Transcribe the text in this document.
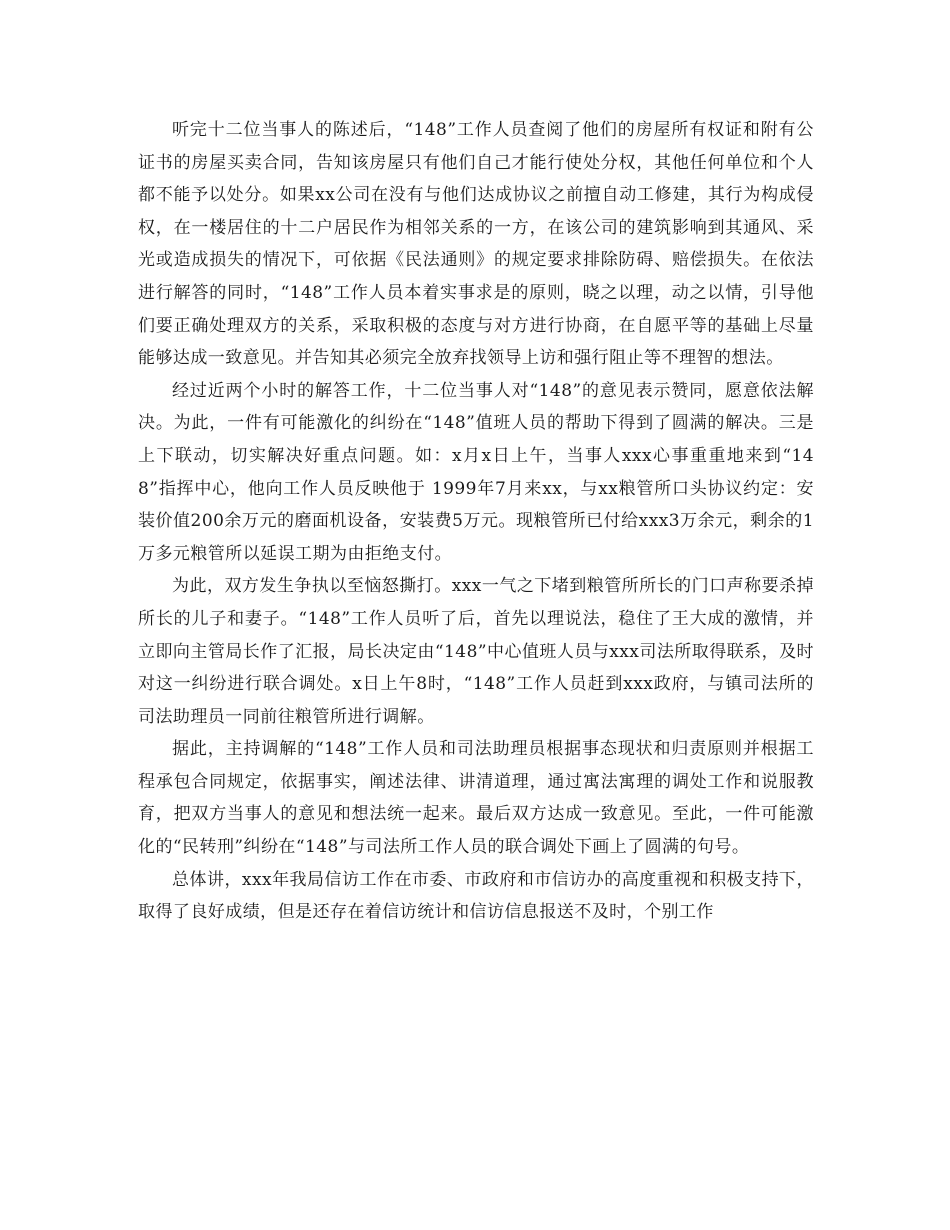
听完十二位当事人的陈述后，“148”工作人员查阅了他们的房屋所有权证和附有公证书的房屋买卖合同，告知该房屋只有他们自己才能行使处分权，其他任何单位和个人都不能予以处分。如果xx公司在没有与他们达成协议之前擅自动工修建，其行为构成侵权，在一楼居住的十二户居民作为相邻关系的一方，在该公司的建筑影响到其通风、采光或造成损失的情况下，可依据《民法通则》的规定要求排除防碍、赔偿损失。在依法进行解答的同时，“148”工作人员本着实事求是的原则，晓之以理，动之以情，引导他们要正确处理双方的关系，采取积极的态度与对方进行协商，在自愿平等的基础上尽量能够达成一致意见。并告知其必须完全放弃找领导上访和强行阻止等不理智的想法。

经过近两个小时的解答工作，十二位当事人对“148”的意见表示赞同，愿意依法解决。为此，一件有可能激化的纠纷在“148”值班人员的帮助下得到了圆满的解决。三是上下联动，切实解决好重点问题。如：x月x日上午，当事人xxx心事重重地来到“148”指挥中心，他向工作人员反映他于 1999年7月来xx，与xx粮管所口头协议约定：安装价值200余万元的磨面机设备，安装费5万元。现粮管所已付给xxx3万余元，剩余的1万多元粮管所以延误工期为由拒绝支付。

为此，双方发生争执以至恼怒撕打。xxx一气之下堵到粮管所所长的门口声称要杀掉所长的儿子和妻子。“148”工作人员听了后，首先以理说法，稳住了王大成的激情，并立即向主管局长作了汇报，局长决定由“148”中心值班人员与xxx司法所取得联系，及时对这一纠纷进行联合调处。x日上午8时，“148”工作人员赶到xxx政府，与镇司法所的司法助理员一同前往粮管所进行调解。

据此，主持调解的“148”工作人员和司法助理员根据事态现状和归责原则并根据工程承包合同规定，依据事实，阐述法律、讲清道理，通过寓法寓理的调处工作和说服教育，把双方当事人的意见和想法统一起来。最后双方达成一致意见。至此，一件可能激化的“民转刑”纠纷在“148”与司法所工作人员的联合调处下画上了圆满的句号。

总体讲，xxx年我局信访工作在市委、市政府和市信访办的高度重视和积极支持下，取得了良好成绩，但是还存在着信访统计和信访信息报送不及时，个别工作
